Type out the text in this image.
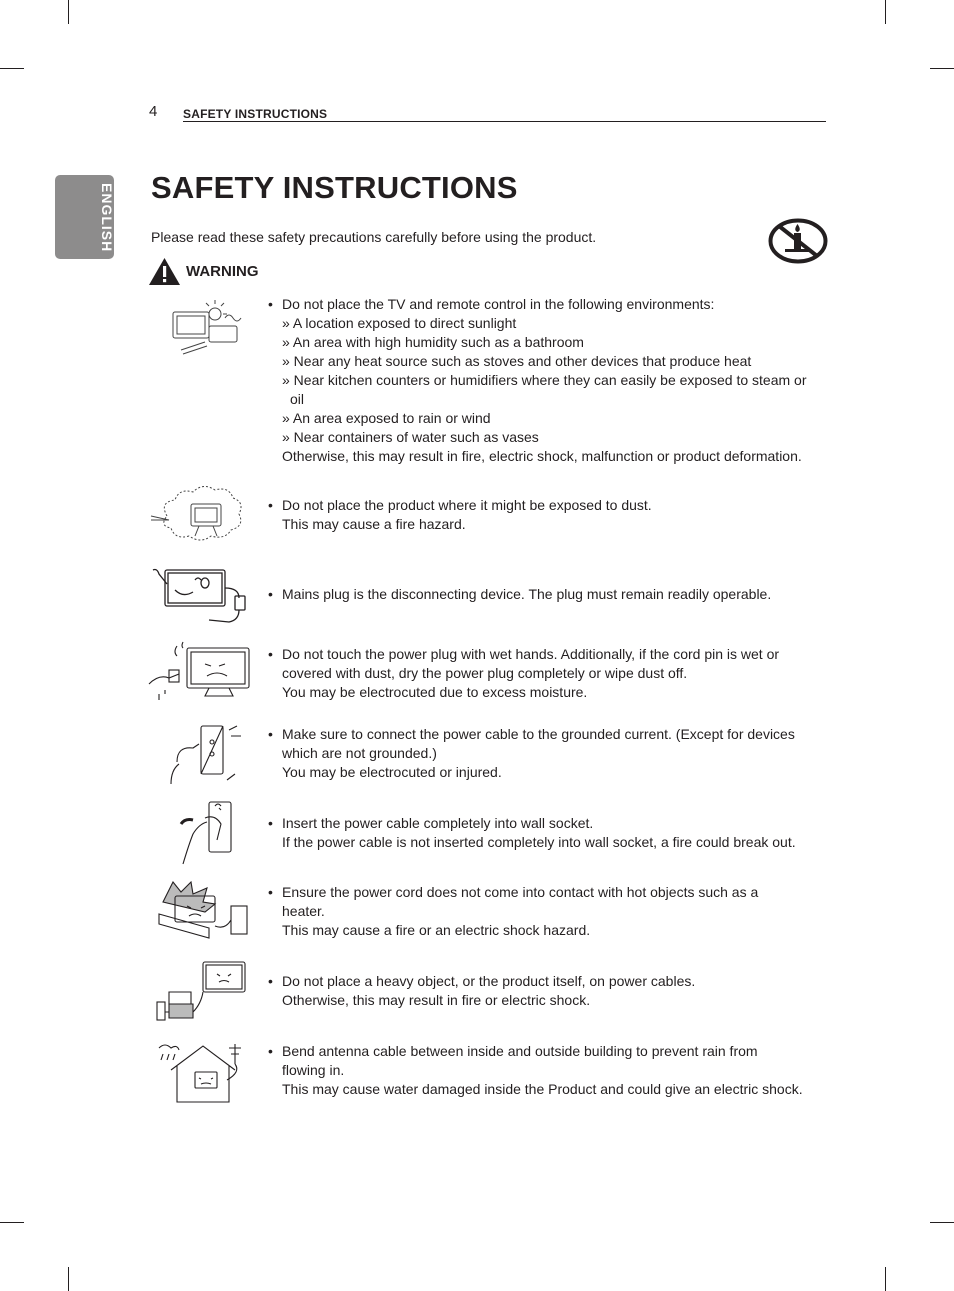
4 SAFETY INSTRUCTIONS
ENGLISH SAFETY INSTRUCTIONS
Please read these safety precautions carefully before using the product.
WARNING
• Do not place the TV and remote control in the following environments:
» A location exposed to direct sunlight
» An area with high humidity such as a bathroom
» Near any heat source such as stoves and other devices that produce heat
» Near kitchen counters or humidifiers where they can easily be exposed to steam or
oil
» An area exposed to rain or wind
» Near containers of water such as vases
Otherwise, this may result in fire, electric shock, malfunction or product deformation.
• Do not place the product where it might be exposed to dust.
This may cause a fire hazard.
• Mains plug is the disconnecting device. The plug must remain readily operable.
• Do not touch the power plug with wet hands. Additionally, if the cord pin is wet or
covered with dust, dry the power plug completely or wipe dust off.
You may be electrocuted due to excess moisture.
• Make sure to connect the power cable to the grounded current. (Except for devices
which are not grounded.)
You may be electrocuted or injured.
• Insert the power cable completely into wall socket.
If the power cable is not inserted completely into wall socket, a fire could break out.
• Ensure the power cord does not come into contact with hot objects such as a
heater.
This may cause a fire or an electric shock hazard.
• Do not place a heavy object, or the product itself, on power cables.
Otherwise, this may result in fire or electric shock.
• Bend antenna cable between inside and outside building to prevent rain from
flowing in.
This may cause water damaged inside the Product and could give an electric shock.
